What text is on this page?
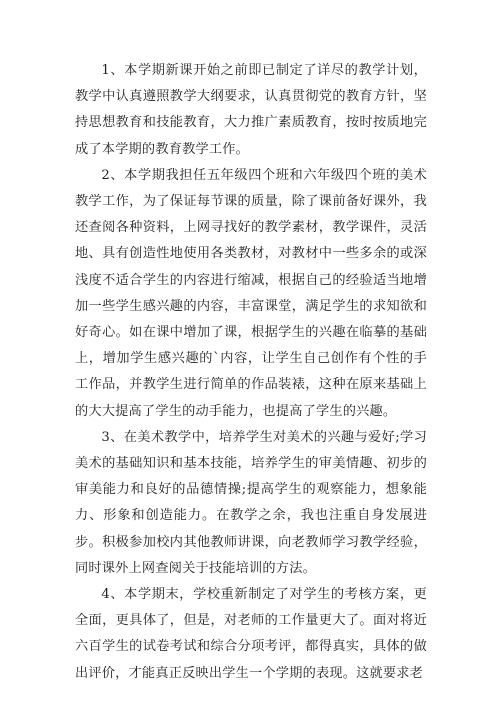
1、本学期新课开始之前即已制定了详尽的教学计划，教学中认真遵照教学大纲要求，认真贯彻党的教育方针，坚持思想教育和技能教育，大力推广素质教育，按时按质地完成了本学期的教育教学工作。

2、本学期我担任五年级四个班和六年级四个班的美术教学工作，为了保证每节课的质量，除了课前备好课外，我还查阅各种资料，上网寻找好的教学素材，教学课件，灵活地、具有创造性地使用各类教材，对教材中一些多余的或深浅度不适合学生的内容进行缩减，根据自己的经验适当地增加一些学生感兴趣的内容，丰富课堂，满足学生的求知欲和好奇心。如在课中增加了课，根据学生的兴趣在临摹的基础上，增加学生感兴趣的`内容，让学生自己创作有个性的手工作品，并教学生进行简单的作品装裱，这种在原来基础上的大大提高了学生的动手能力，也提高了学生的兴趣。

3、在美术教学中，培养学生对美术的兴趣与爱好;学习美术的基础知识和基本技能，培养学生的审美情趣、初步的审美能力和良好的品德情操;提高学生的观察能力，想象能力、形象和创造能力。在教学之余，我也注重自身发展进步。积极参加校内其他教师讲课，向老教师学习教学经验，同时课外上网查阅关于技能培训的方法。

4、本学期末，学校重新制定了对学生的考核方案，更全面，更具体了，但是，对老师的工作量更大了。面对将近六百学生的试卷考试和综合分项考评，都得真实，具体的做出评价，才能真正反映出学生一个学期的表现。这就要求老
